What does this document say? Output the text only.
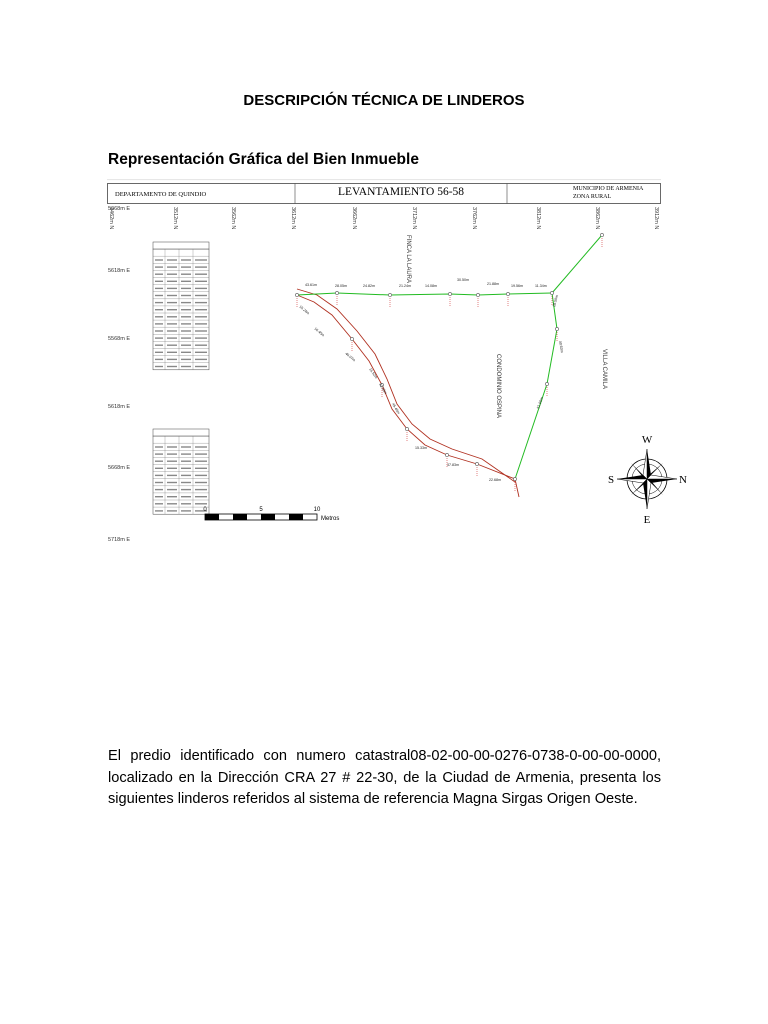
DESCRIPCIÓN TÉCNICA DE LINDEROS
Representación Gráfica del Bien Inmueble
DEPARTAMENTO DE QUINDIO	LEVANTAMIENTO 56-58	MUNICIPIO DE ARMENIA
ZONA RURAL
5668m E
3462m N	3512m N	3562m N	3612m N	3662m N	3712m N	3762m N	3812m N	3862m N	3912m N
5618m E
5568m E
5618m E
5668m E
5718m E
43.61m	28.05m	24.82m	21.24m	14.08m
30.50m
21.88m	19.56m	11.34m
15.24m
16.45m
40.07m
15.52m
31.93m
45.46m
15.33m
37.83m
22.68m
28.50m
40.63m
51.00m
FINCA LA LAURA
CONDOMINIO OSPINA	VILLA CAMILA
0	5	10
Metros
N
S
W
E
El predio identificado con numero catastral08-02-00-00-0276-0738-0-00-00-0000, localizado en la Dirección CRA 27 # 22-30, de la Ciudad de Armenia, presenta los siguientes linderos referidos al sistema de referencia Magna Sirgas Origen Oeste.
